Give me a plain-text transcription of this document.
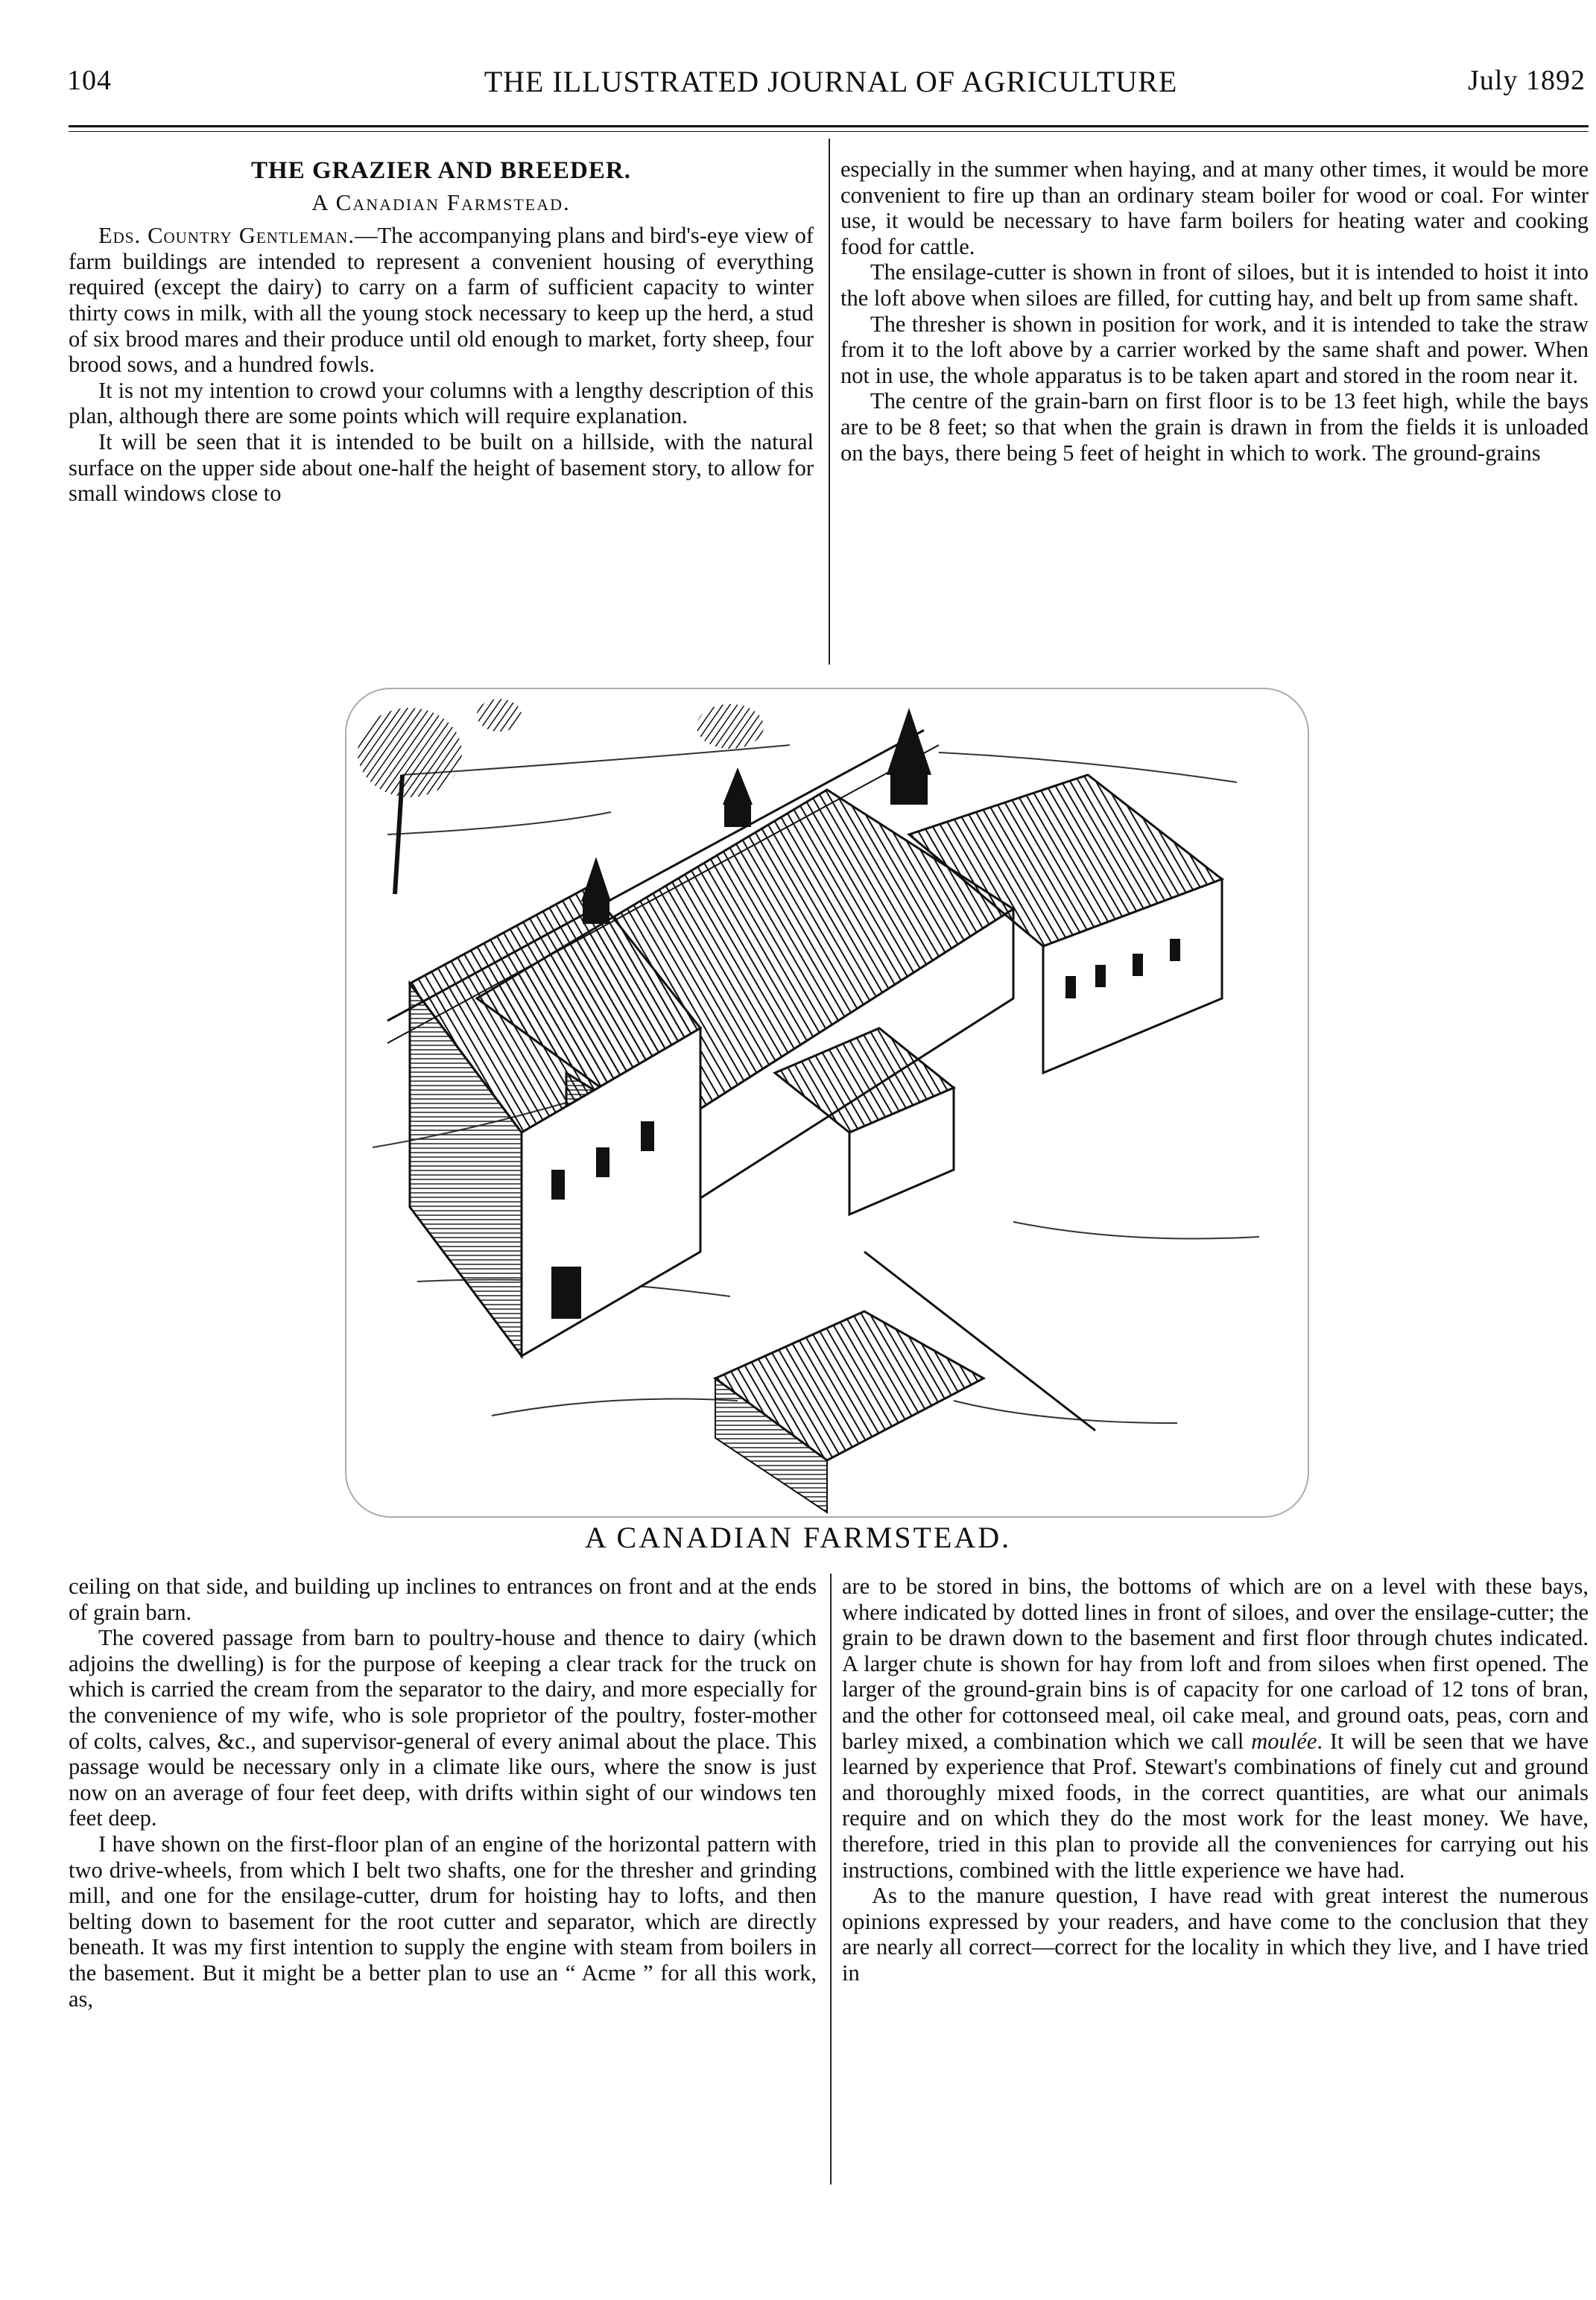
104	THE ILLUSTRATED JOURNAL OF AGRICULTURE	July 1892
THE GRAZIER AND BREEDER.
A Canadian Farmstead.

Eds. Country Gentleman.—The accompanying plans and bird's-eye view of farm buildings are intended to represent a convenient housing of everything required (except the dairy) to carry on a farm of sufficient capacity to winter thirty cows in milk, with all the young stock necessary to keep up the herd, a stud of six brood mares and their produce until old enough to market, forty sheep, four brood sows, and a hundred fowls.

It is not my intention to crowd your columns with a lengthy description of this plan, although there are some points which will require explanation.

It will be seen that it is intended to be built on a hillside, with the natural surface on the upper side about one-half the height of basement story, to allow for small windows close to

especially in the summer when haying, and at many other times, it would be more convenient to fire up than an ordinary steam boiler for wood or coal. For winter use, it would be necessary to have farm boilers for heating water and cooking food for cattle.

The ensilage-cutter is shown in front of siloes, but it is intended to hoist it into the loft above when siloes are filled, for cutting hay, and belt up from same shaft.

The thresher is shown in position for work, and it is intended to take the straw from it to the loft above by a carrier worked by the same shaft and power. When not in use, the whole apparatus is to be taken apart and stored in the room near it.

The centre of the grain-barn on first floor is to be 13 feet high, while the bays are to be 8 feet; so that when the grain is drawn in from the fields it is unloaded on the bays, there being 5 feet of height in which to work. The ground-grains

A CANADIAN FARMSTEAD.

ceiling on that side, and building up inclines to entrances on front and at the ends of grain barn.

The covered passage from barn to poultry-house and thence to dairy (which adjoins the dwelling) is for the purpose of keeping a clear track for the truck on which is carried the cream from the separator to the dairy, and more especially for the convenience of my wife, who is sole proprietor of the poultry, foster-mother of colts, calves, &c., and supervisor-general of every animal about the place. This passage would be necessary only in a climate like ours, where the snow is just now on an average of four feet deep, with drifts within sight of our windows ten feet deep.

I have shown on the first-floor plan of an engine of the horizontal pattern with two drive-wheels, from which I belt two shafts, one for the thresher and grinding mill, and one for the ensilage-cutter, drum for hoisting hay to lofts, and then belting down to basement for the root cutter and separator, which are directly beneath. It was my first intention to supply the engine with steam from boilers in the basement. But it might be a better plan to use an “ Acme ” for all this work, as,

are to be stored in bins, the bottoms of which are on a level with these bays, where indicated by dotted lines in front of siloes, and over the ensilage-cutter; the grain to be drawn down to the basement and first floor through chutes indicated. A larger chute is shown for hay from loft and from siloes when first opened. The larger of the ground-grain bins is of capacity for one carload of 12 tons of bran, and the other for cottonseed meal, oil cake meal, and ground oats, peas, corn and barley mixed, a combination which we call moulée. It will be seen that we have learned by experience that Prof. Stewart's combinations of finely cut and ground and thoroughly mixed foods, in the correct quantities, are what our animals require and on which they do the most work for the least money. We have, therefore, tried in this plan to provide all the conveniences for carrying out his instructions, combined with the little experience we have had.

As to the manure question, I have read with great interest the numerous opinions expressed by your readers, and have come to the conclusion that they are nearly all correct—correct for the locality in which they live, and I have tried in
